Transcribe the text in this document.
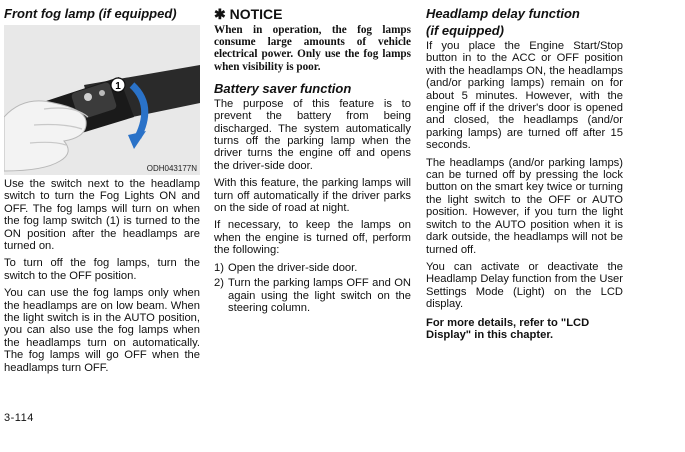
Front fog lamp (if equipped)
1
ODH043177N

Use the switch next to the headlamp switch to turn the Fog Lights ON and OFF. The fog lamps will turn on when the fog lamp switch (1) is turned to the ON position after the headlamps are turned on.

To turn off the fog lamps, turn the switch to the OFF position.

You can use the fog lamps only when the headlamps are on low beam. When the light switch is in the AUTO position, you can also use the fog lamps when the headlamps turn on automatically. The fog lamps will go OFF when the headlamps turn OFF.

✱ NOTICE

When in operation, the fog lamps consume large amounts of vehicle electrical power. Only use the fog lamps when visibility is poor.

Battery saver function

The purpose of this feature is to prevent the battery from being discharged. The system automatically turns off the parking lamp when the driver turns the engine off and opens the driver-side door.

With this feature, the parking lamps will turn off automatically if the driver parks on the side of road at night.

If necessary, to keep the lamps on when the engine is turned off, perform the following:

1) Open the driver-side door.
2) Turn the parking lamps OFF and ON again using the light switch on the steering column.
Headlamp delay function
(if equipped)

If you place the Engine Start/Stop button in to the ACC or OFF position with the headlamps ON, the headlamps (and/or parking lamps) remain on for about 5 minutes. However, with the engine off if the driver's door is opened and closed, the headlamps (and/or parking lamps) are turned off after 15 seconds.

The headlamps (and/or parking lamps) can be turned off by pressing the lock button on the smart key twice or turning the light switch to the OFF or AUTO position. However, if you turn the light switch to the AUTO position when it is dark outside, the headlamps will not be turned off.

You can activate or deactivate the Headlamp Delay function from the User Settings Mode (Light) on the LCD display.

For more details, refer to "LCD Display" in this chapter.
3-114
